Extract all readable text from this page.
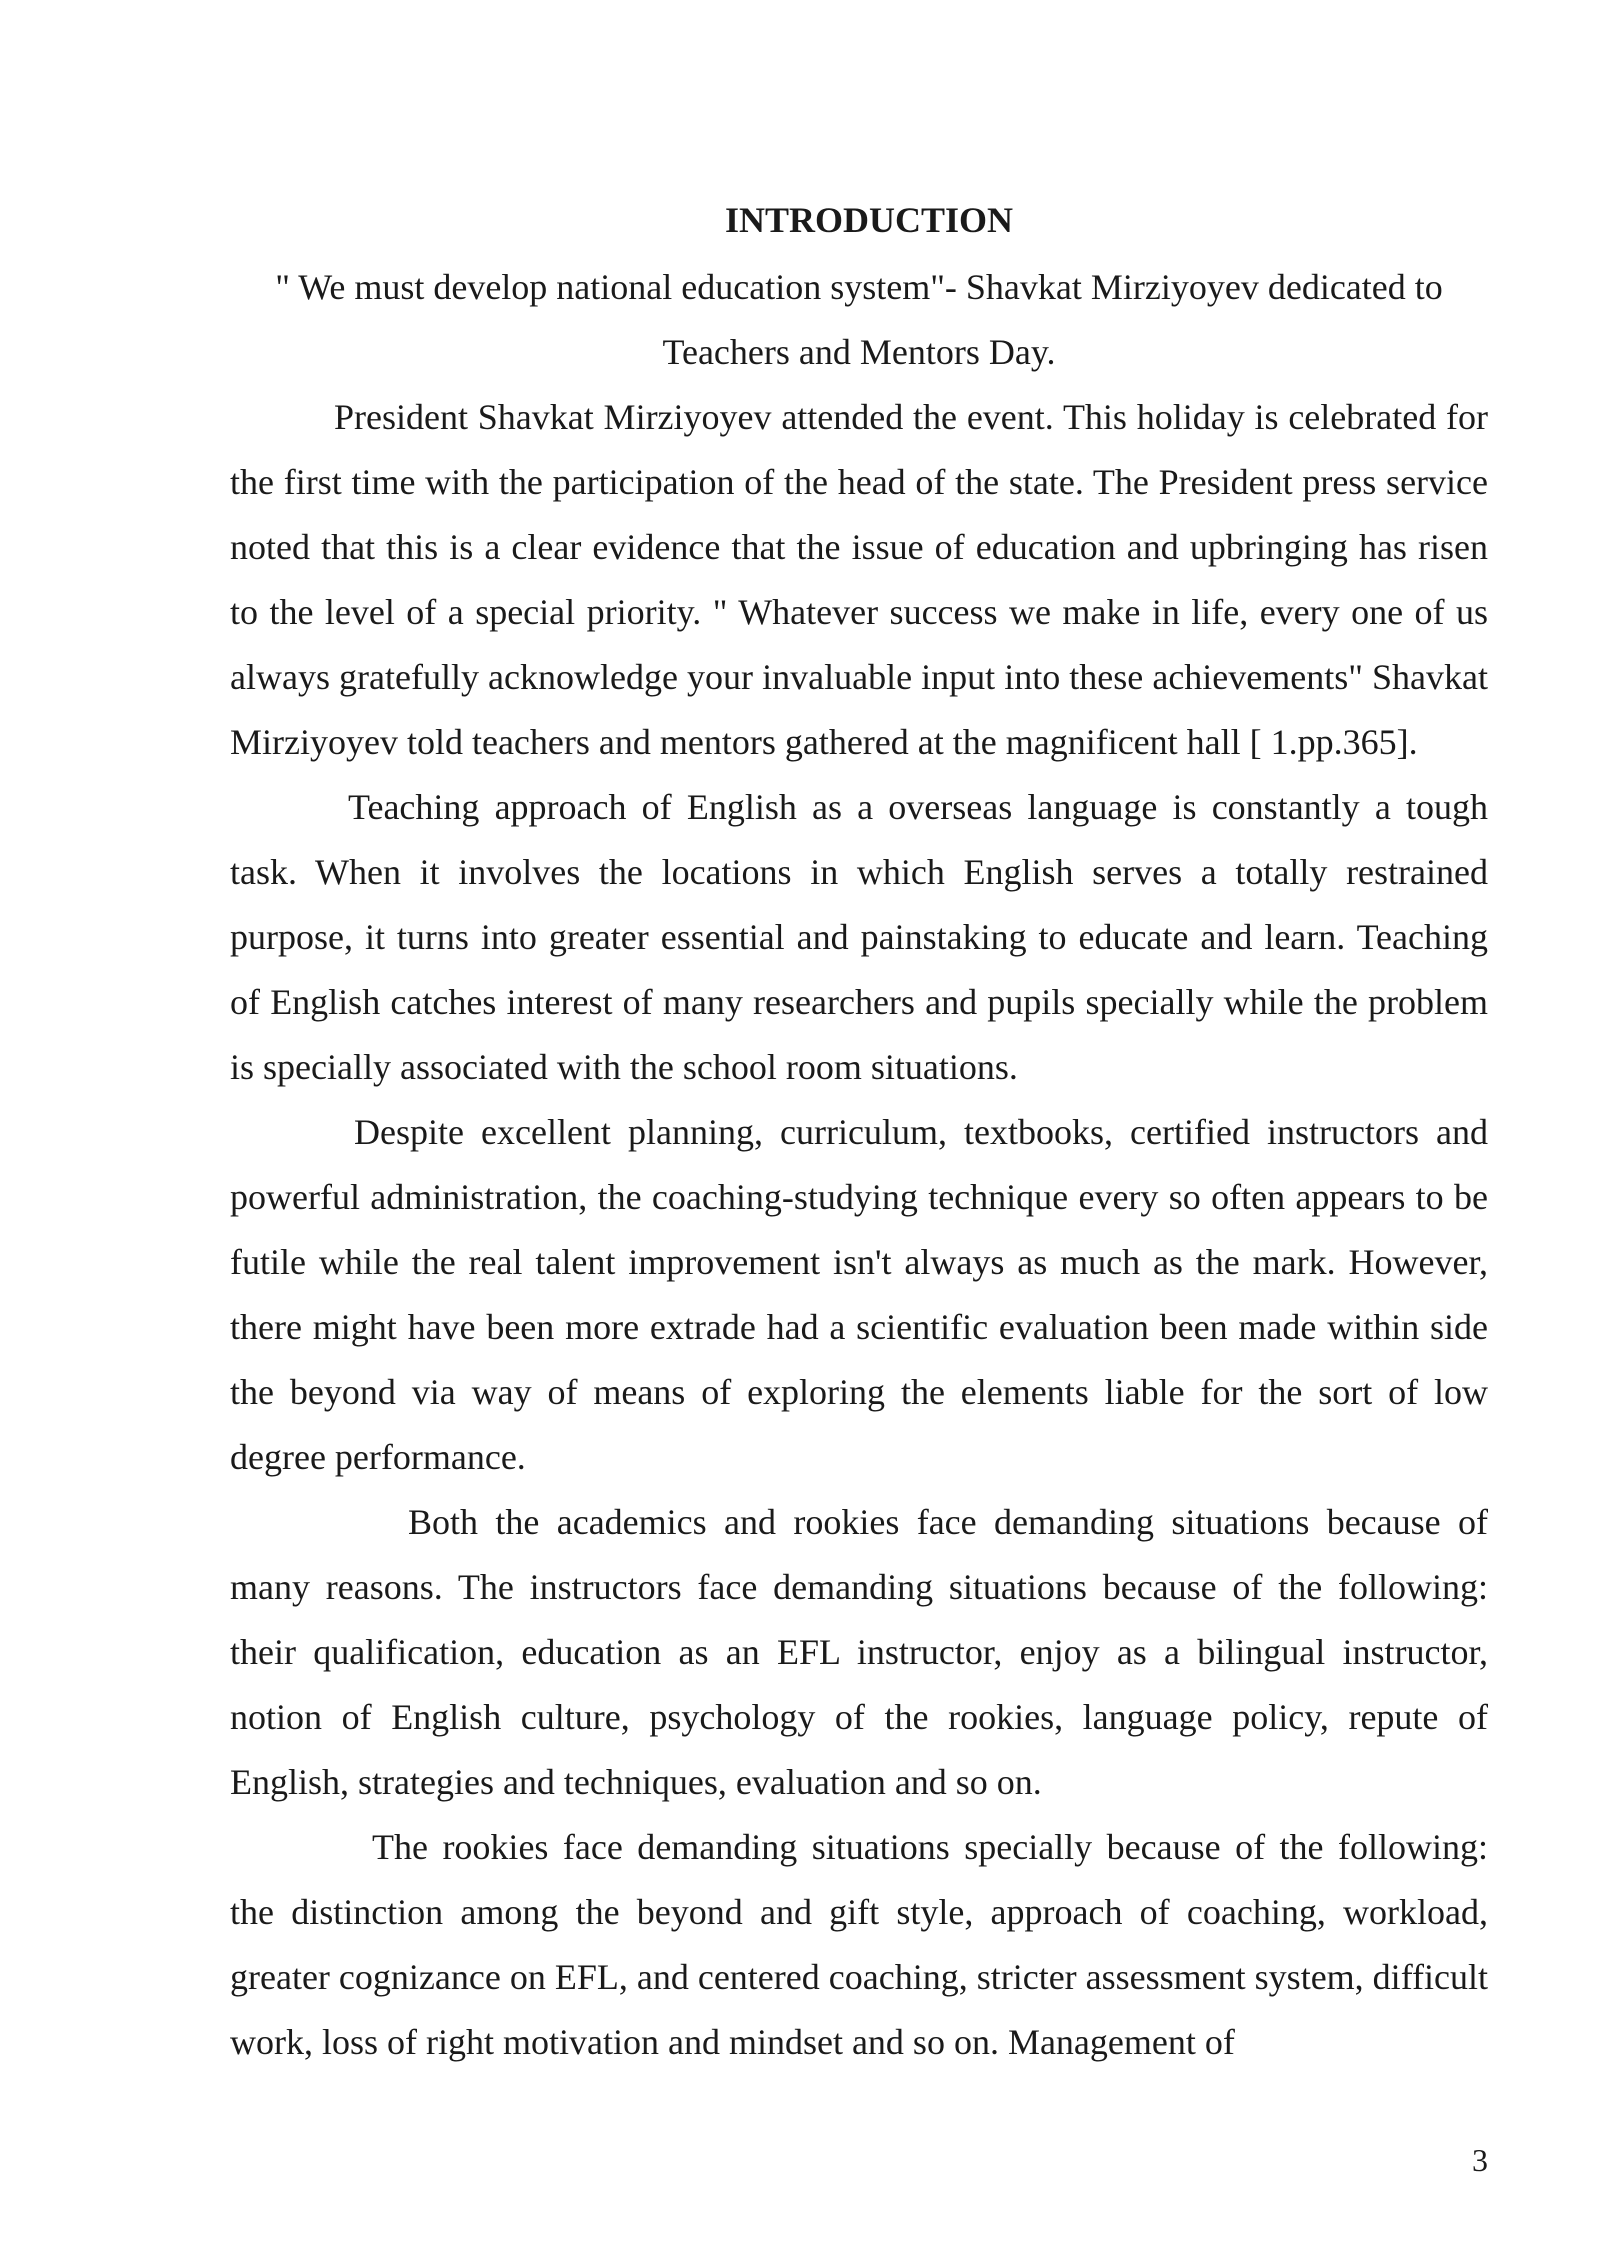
INTRODUCTION

" We must develop national education system"- Shavkat Mirziyoyev dedicated to Teachers and Mentors Day.

President Shavkat Mirziyoyev attended the event. This holiday is celebrated for the first time with the participation of the head of the state. The President press service noted that this is a clear evidence that the issue of education and upbringing has risen to the level of a special priority. " Whatever success we make in life, every one of us always gratefully acknowledge your invaluable input into these achievements" Shavkat Mirziyoyev told teachers and mentors gathered at the magnificent hall [ 1.pp.365].

Teaching approach of English as a overseas language is constantly a tough task. When it involves the locations in which English serves a totally restrained purpose, it turns into greater essential and painstaking to educate and learn. Teaching of English catches interest of many researchers and pupils specially while the problem is specially associated with the school room situations.

Despite excellent planning, curriculum, textbooks, certified instructors and powerful administration, the coaching-studying technique every so often appears to be futile while the real talent improvement isn't always as much as the mark. However, there might have been more extrade had a scientific evaluation been made within side the beyond via way of means of exploring the elements liable for the sort of low degree performance.

Both the academics and rookies face demanding situations because of many reasons. The instructors face demanding situations because of the following: their qualification, education as an EFL instructor, enjoy as a bilingual instructor, notion of English culture, psychology of the rookies, language policy, repute of English, strategies and techniques, evaluation and so on.

The rookies face demanding situations specially because of the following: the distinction among the beyond and gift style, approach of coaching, workload, greater cognizance on EFL, and centered coaching, stricter assessment system, difficult work, loss of right motivation and mindset and so on. Management of

3
